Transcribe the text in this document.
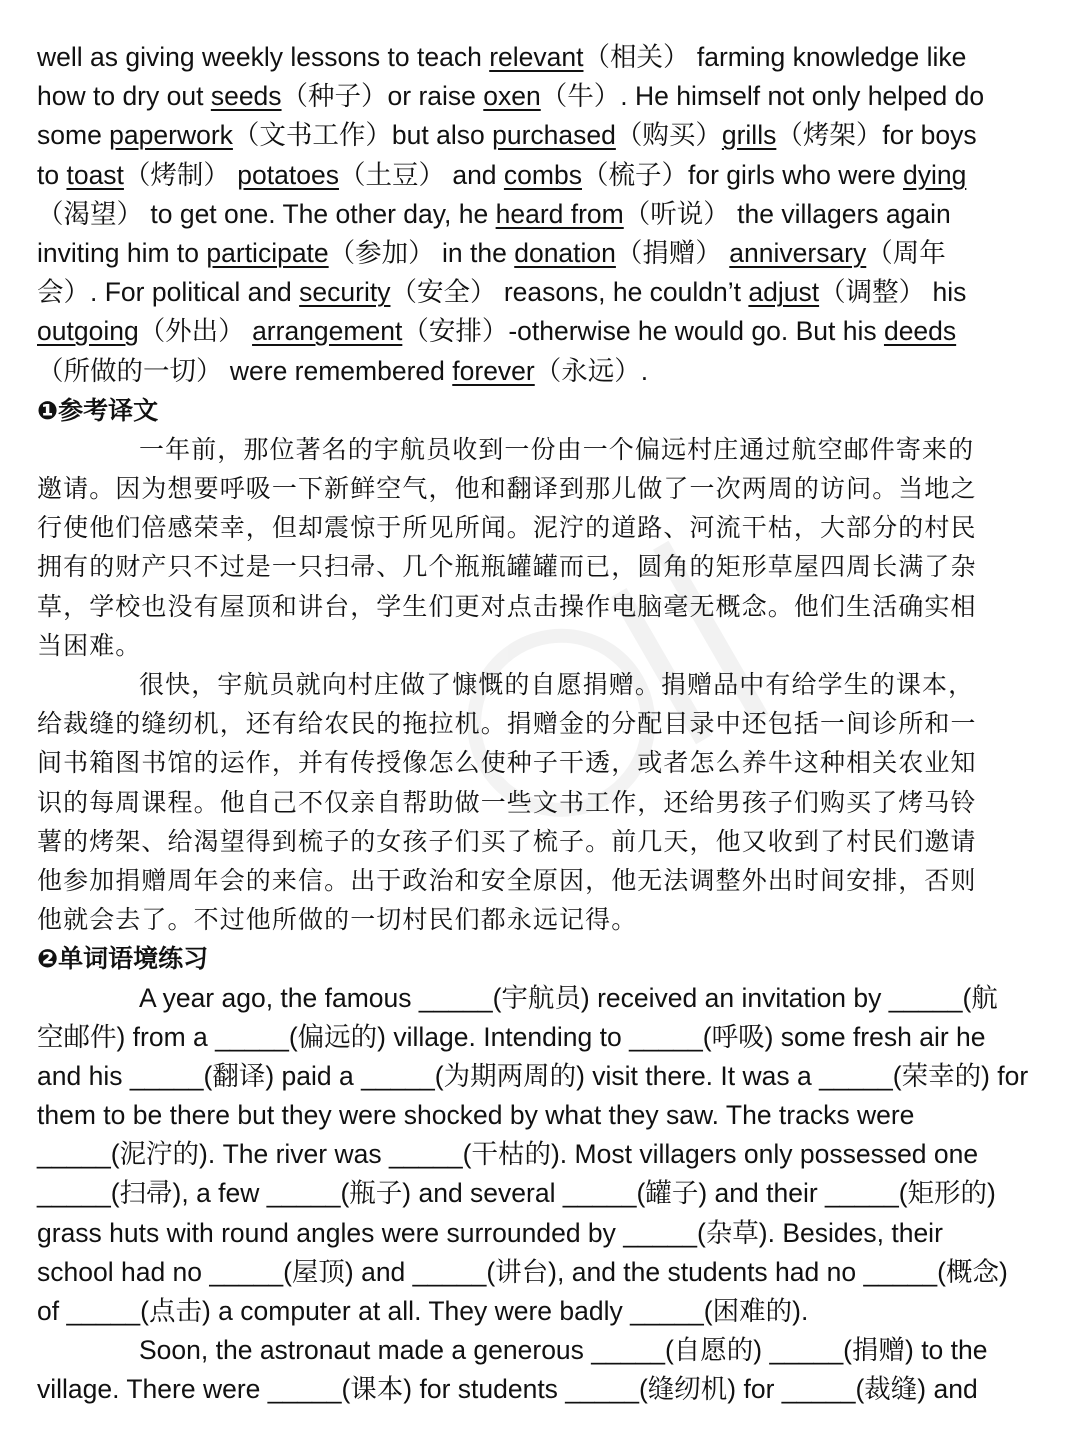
well as giving weekly lessons to teach relevant（相关） farming knowledge like
how to dry out seeds（种子）or raise oxen（牛）. He himself not only helped do
some paperwork（文书工作）but also purchased（购买）grills（烤架）for boys
to toast（烤制） potatoes（土豆） and combs（梳子）for girls who were dying
（渴望） to get one. The other day, he heard from（听说） the villagers again
inviting him to participate（参加） in the donation（捐赠） anniversary（周年
会）. For political and security（安全） reasons, he couldn’t adjust（调整） his
outgoing（外出） arrangement（安排）-otherwise he would go. But his deeds
（所做的一切） were remembered forever（永远）.
❶参考译文
一年前，那位著名的宇航员收到一份由一个偏远村庄通过航空邮件寄来的
邀请。因为想要呼吸一下新鲜空气，他和翻译到那儿做了一次两周的访问。当地之
行使他们倍感荣幸，但却震惊于所见所闻。泥泞的道路、河流干枯，大部分的村民
拥有的财产只不过是一只扫帚、几个瓶瓶罐罐而已，圆角的矩形草屋四周长满了杂
草，学校也没有屋顶和讲台，学生们更对点击操作电脑毫无概念。他们生活确实相
当困难。
很快，宇航员就向村庄做了慷慨的自愿捐赠。捐赠品中有给学生的课本，
给裁缝的缝纫机，还有给农民的拖拉机。捐赠金的分配目录中还包括一间诊所和一
间书箱图书馆的运作，并有传授像怎么使种子干透，或者怎么养牛这种相关农业知
识的每周课程。他自己不仅亲自帮助做一些文书工作，还给男孩子们购买了烤马铃
薯的烤架、给渴望得到梳子的女孩子们买了梳子。前几天，他又收到了村民们邀请
他参加捐赠周年会的来信。出于政治和安全原因，他无法调整外出时间安排，否则
他就会去了。不过他所做的一切村民们都永远记得。
❷单词语境练习
A year ago, the famous _____(宇航员) received an invitation by _____(航
空邮件) from a _____(偏远的) village. Intending to _____(呼吸) some fresh air he
and his _____(翻译) paid a _____(为期两周的) visit there. It was a _____(荣幸的) for
them to be there but they were shocked by what they saw. The tracks were
_____(泥泞的). The river was _____(干枯的). Most villagers only possessed one
_____(扫帚), a few _____(瓶子) and several _____(罐子) and their _____(矩形的)
grass huts with round angles were surrounded by _____(杂草). Besides, their
school had no _____(屋顶) and _____(讲台), and the students had no _____(概念)
of _____(点击) a computer at all. They were badly _____(困难的).
Soon, the astronaut made a generous _____(自愿的) _____(捐赠) to the
village. There were _____(课本) for students _____(缝纫机) for _____(裁缝) and
